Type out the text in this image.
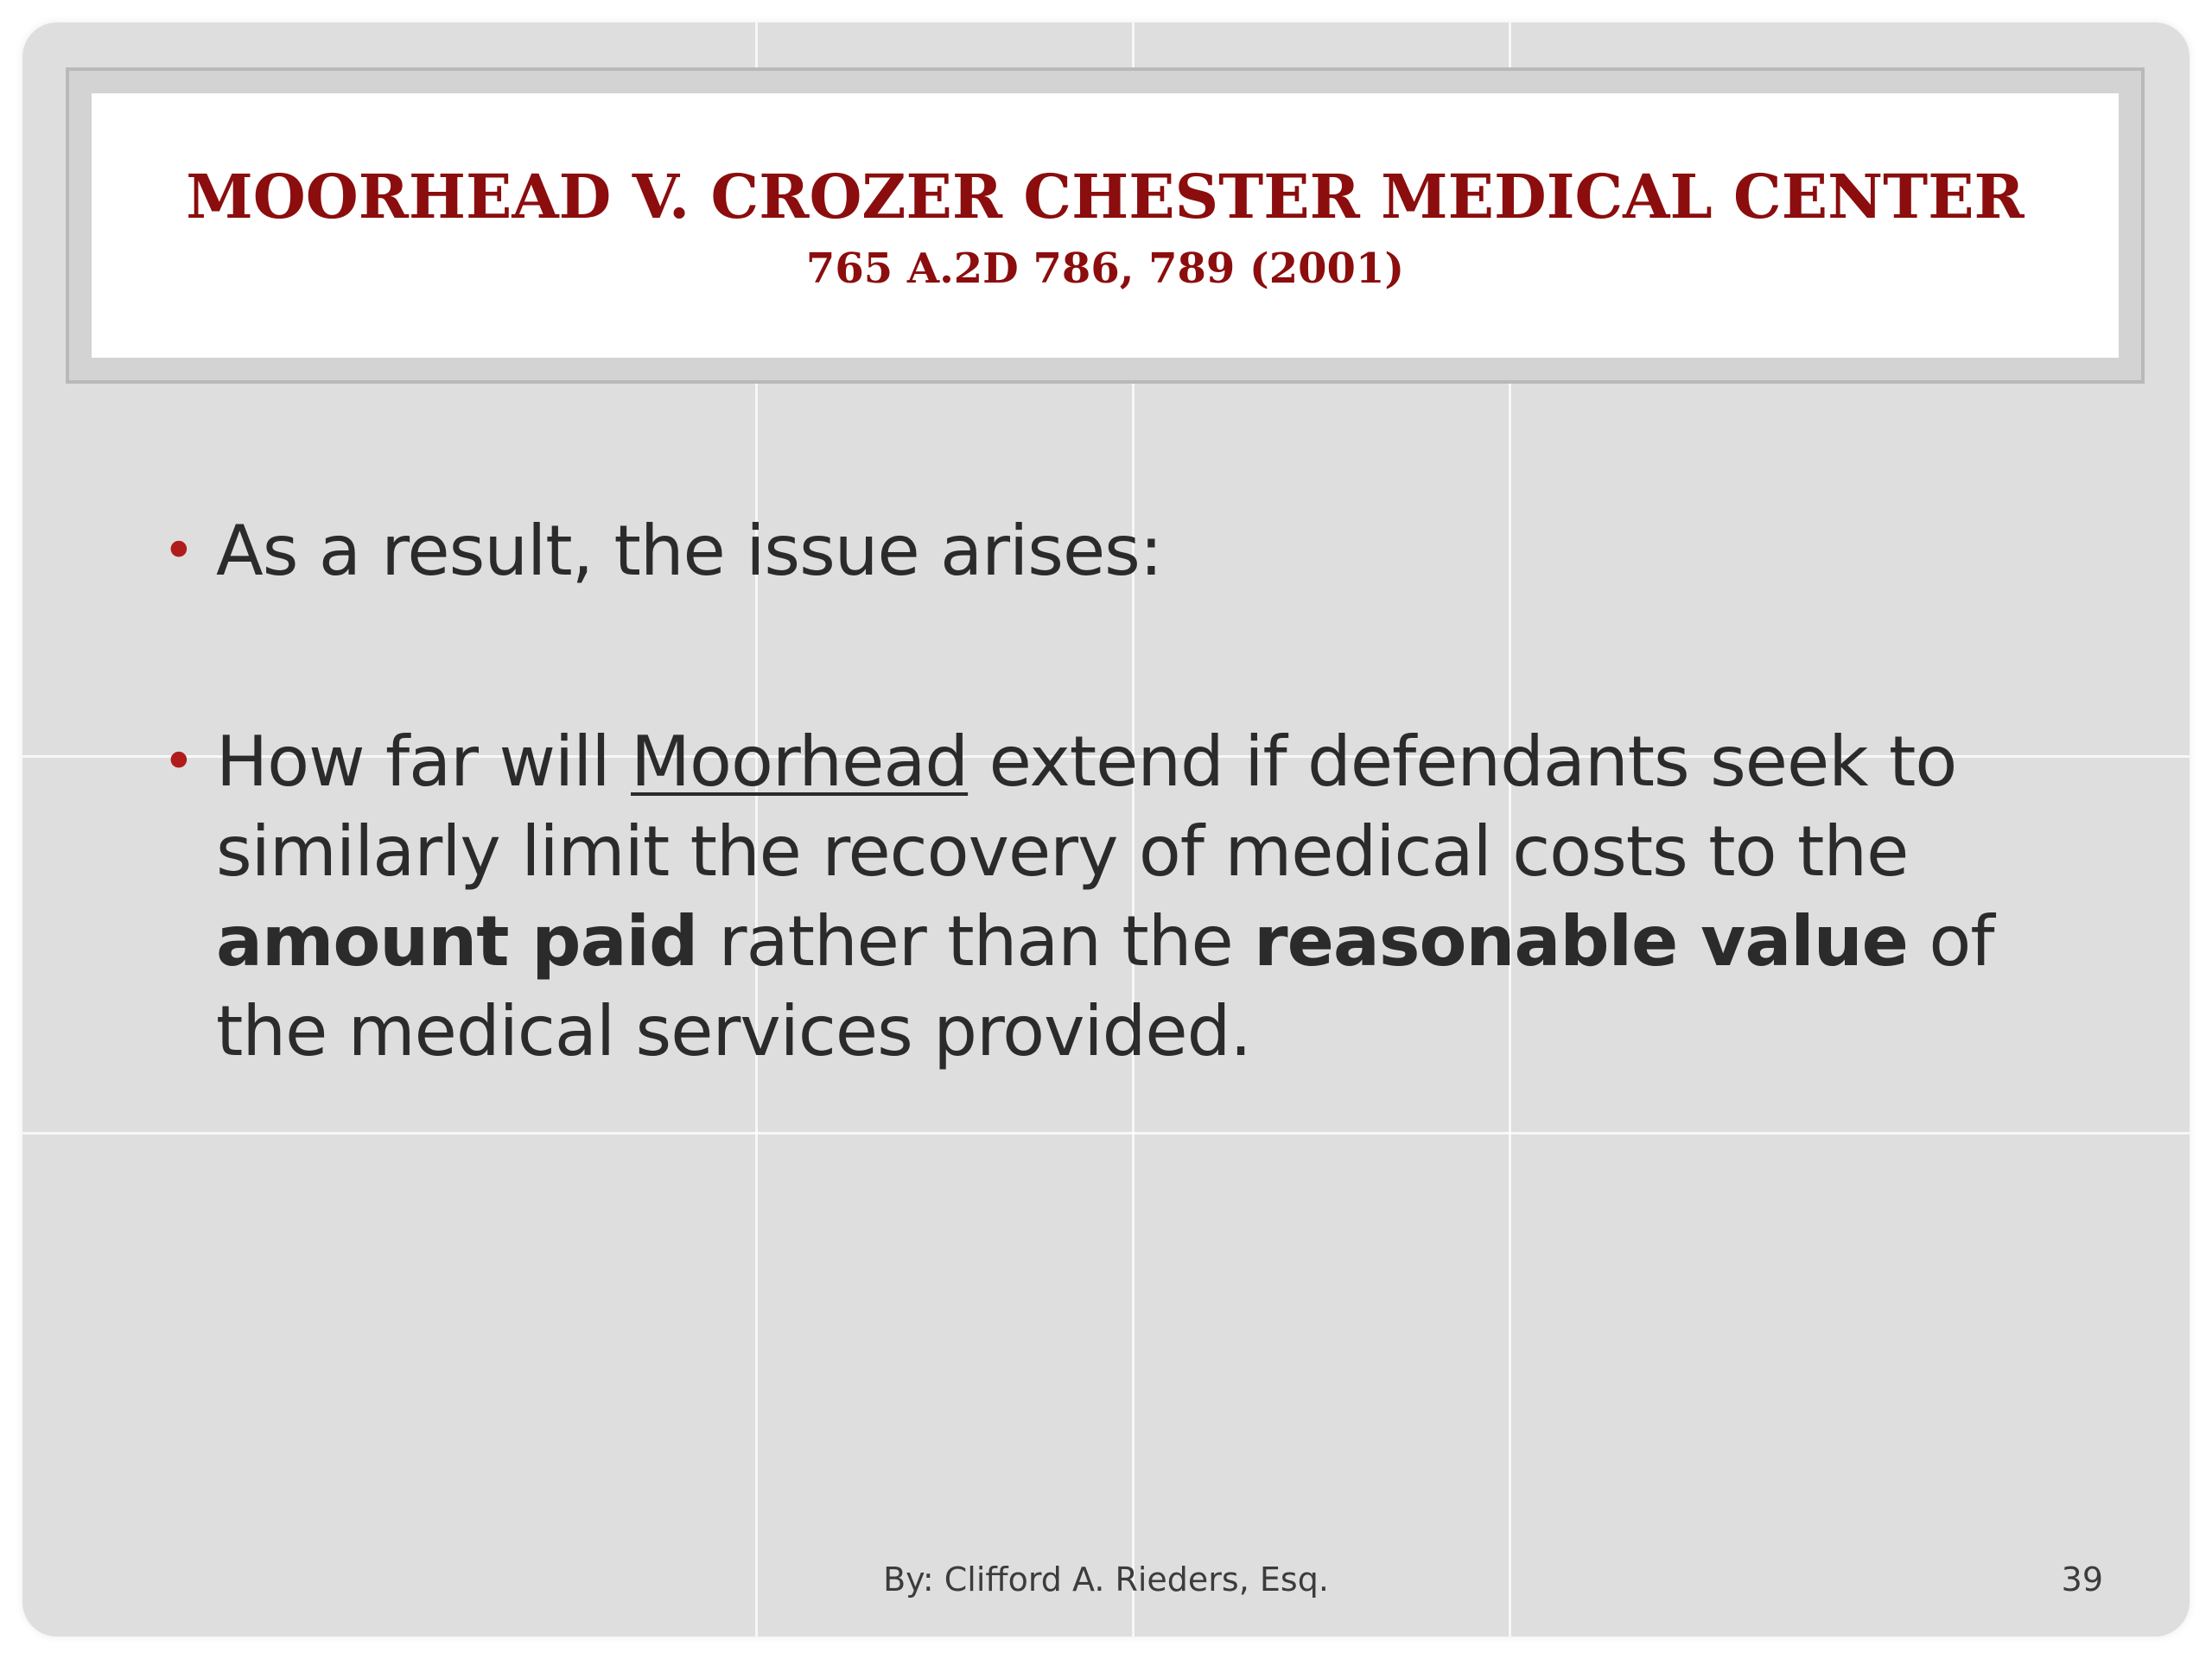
MOORHEAD V. CROZER CHESTER MEDICAL CENTER
765 A.2D 786, 789 (2001)
• As a result, the issue arises:
• How far will Moorhead extend if defendants seek to similarly limit the recovery of medical costs to the amount paid rather than the reasonable value of the medical services provided.
By: Clifford A. Rieders, Esq.	39
